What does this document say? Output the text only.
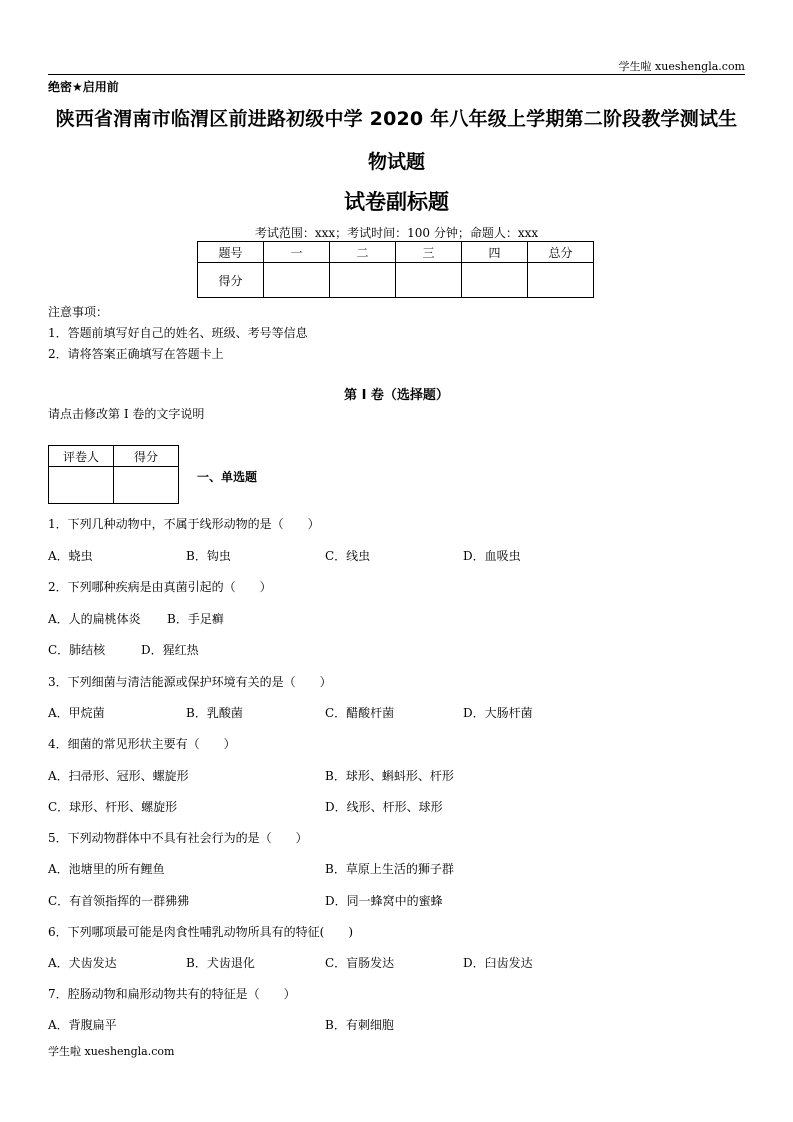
学生啦 xueshengla.com
绝密★启用前
陕西省渭南市临渭区前进路初级中学 2020 年八年级上学期第二阶段教学测试生
物试题
试卷副标题
考试范围：xxx；考试时间：100 分钟；命题人：xxx
题号	一	二	三	四	总分
得分					
注意事项：
1．答题前填写好自己的姓名、班级、考号等信息
2．请将答案正确填写在答题卡上
第 I 卷（选择题）
请点击修改第 I 卷的文字说明
评卷人	得分

一、单选题
1．下列几种动物中，不属于线形动物的是（　　）
A．蛲虫	B．钩虫	C．线虫	D．血吸虫
2．下列哪种疾病是由真菌引起的（　　）
A．人的扁桃体炎 B．手足癣
C．肺结核	D．猩红热
3．下列细菌与清洁能源或保护环境有关的是（　　）
A．甲烷菌	B．乳酸菌	C．醋酸杆菌	D．大肠杆菌
4．细菌的常见形状主要有（　　）
A．扫帚形、冠形、螺旋形	B．球形、蝌蚪形、杆形
C．球形、杆形、螺旋形	D．线形、杆形、球形
5．下列动物群体中不具有社会行为的是（　　）
A．池塘里的所有鲤鱼	B．草原上生活的狮子群
C．有首领指挥的一群狒狒	D．同一蜂窝中的蜜蜂
6．下列哪项最可能是肉食性哺乳动物所具有的特征(　　)
A．犬齿发达	B．犬齿退化	C．盲肠发达	D．臼齿发达
7．腔肠动物和扁形动物共有的特征是（　　）
A．背腹扁平	B．有刺细胞
学生啦 xueshengla.com
